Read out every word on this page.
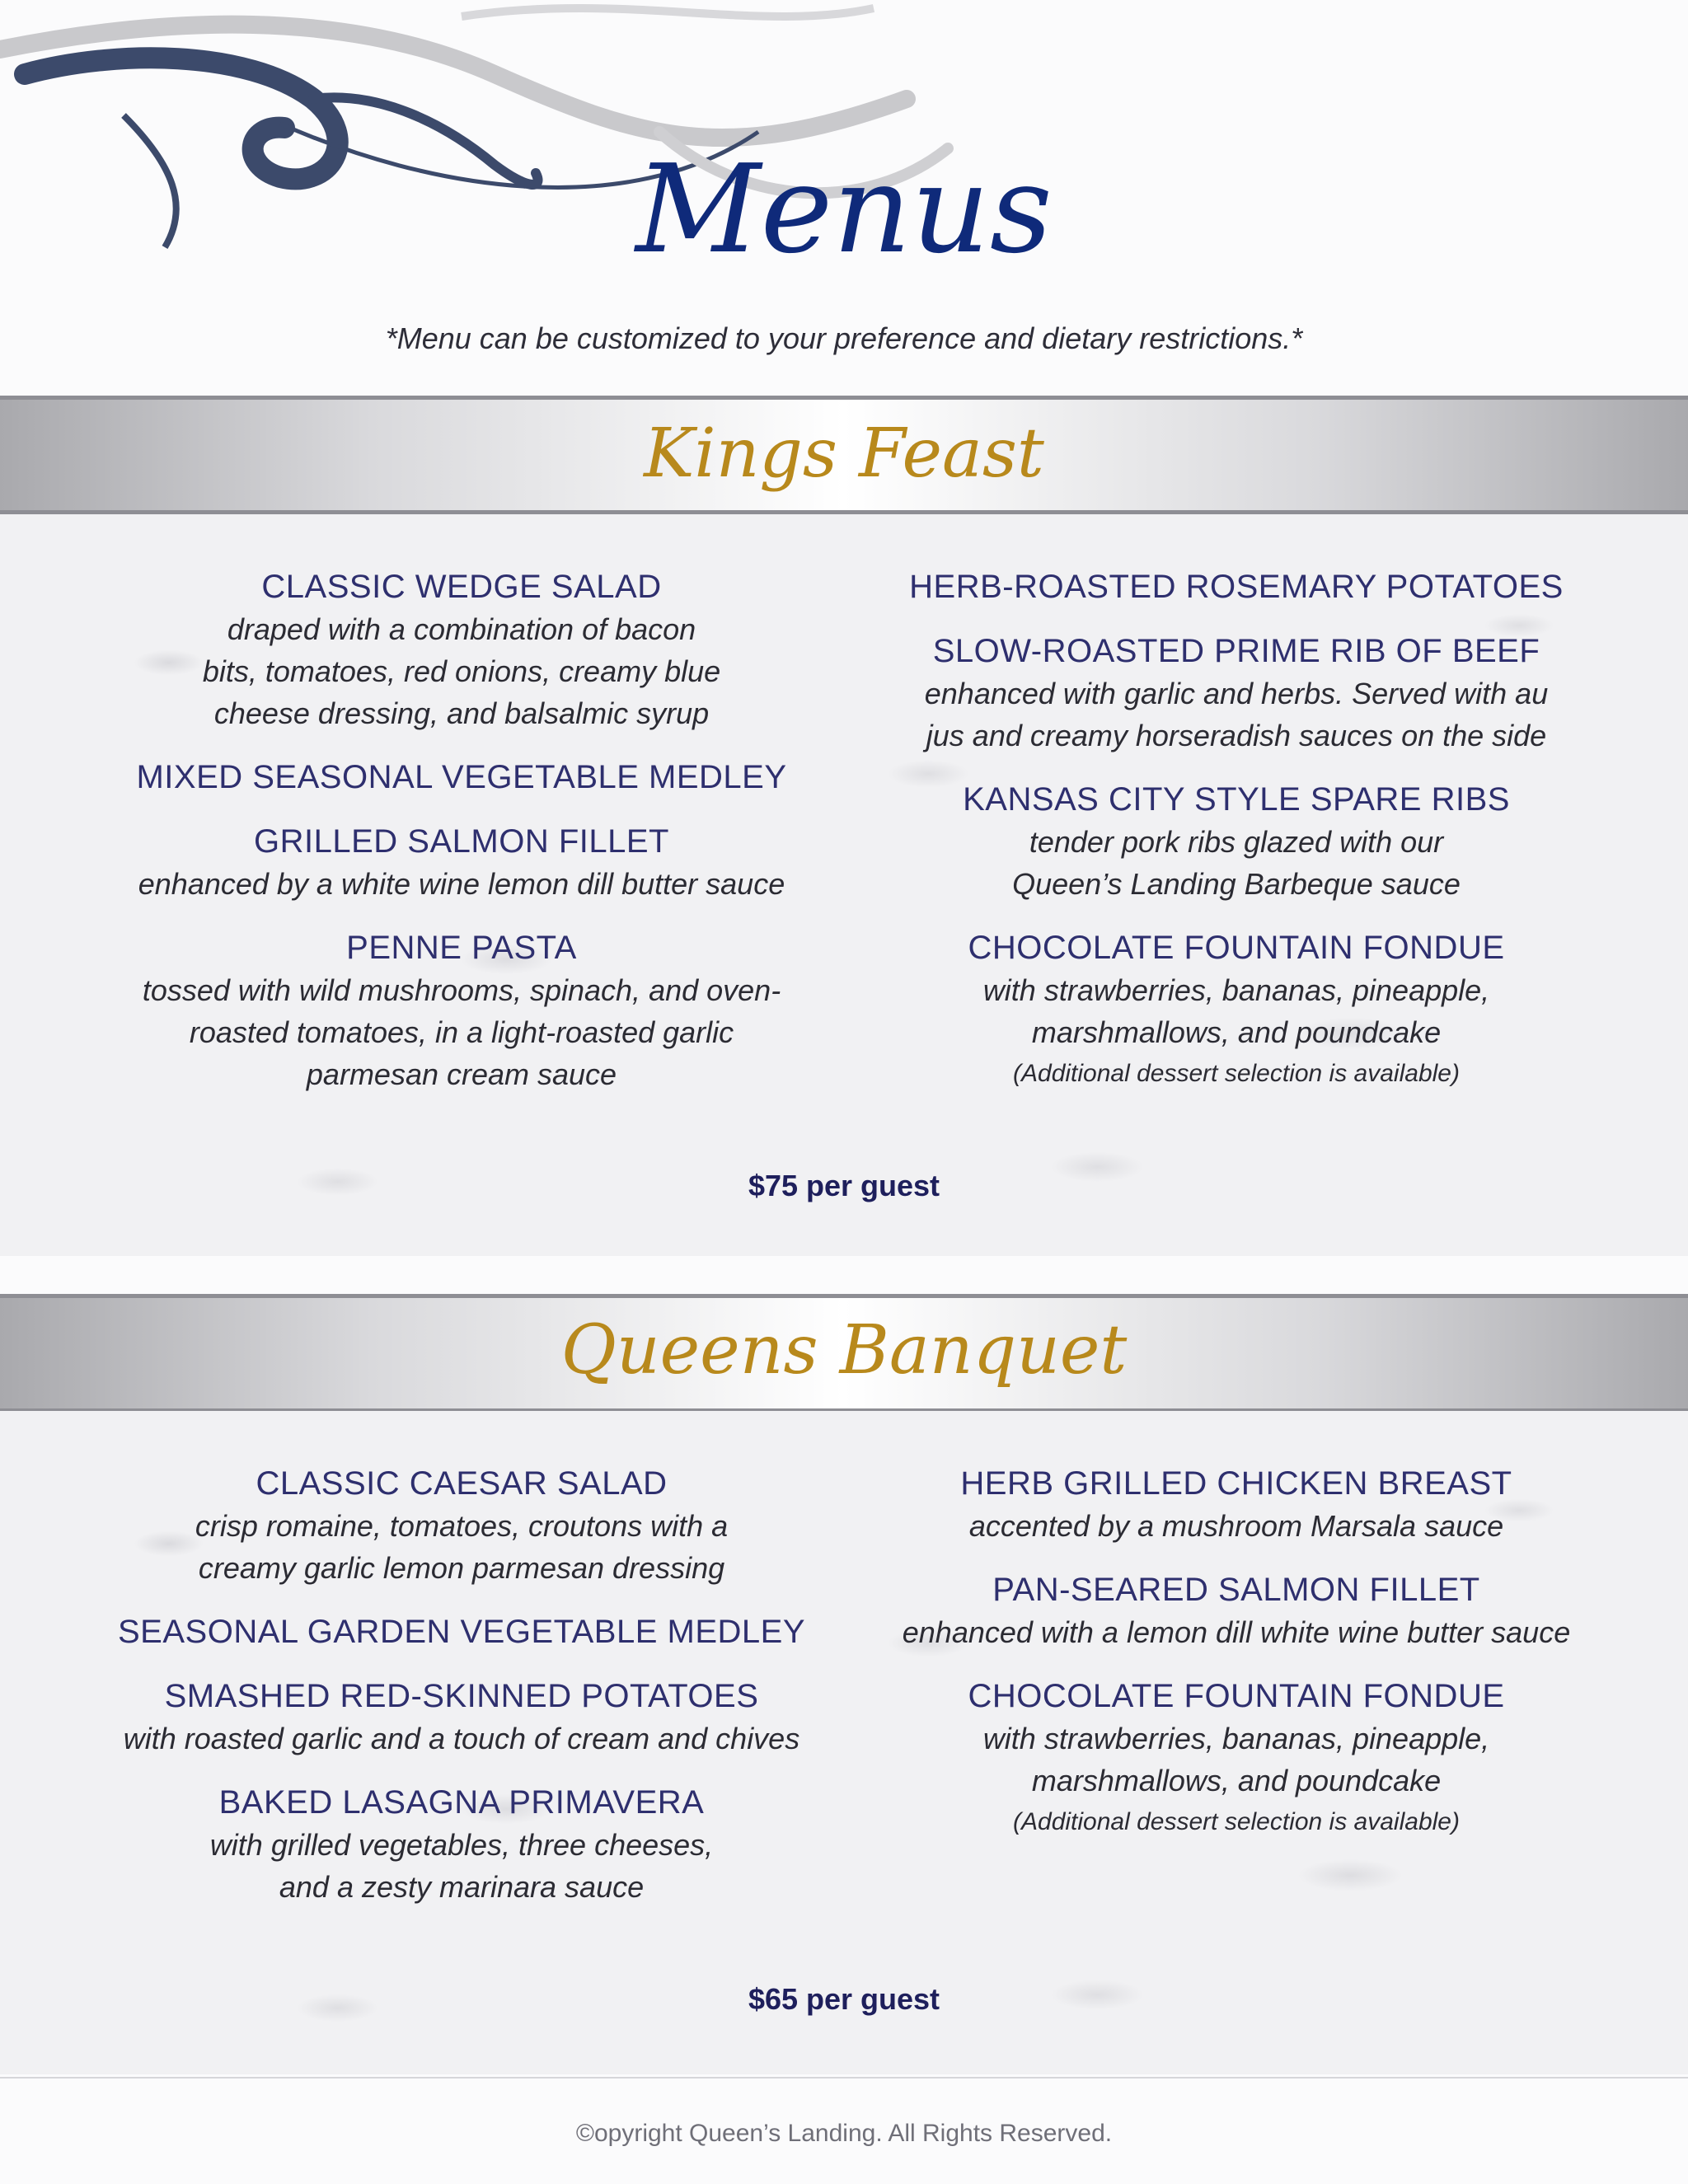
Menus
*Menu can be customized to your preference and dietary restrictions.*
Kings Feast
CLASSIC WEDGE SALAD
draped with a combination of bacon
bits, tomatoes, red onions, creamy blue
cheese dressing, and balsalmic syrup
MIXED SEASONAL VEGETABLE MEDLEY
GRILLED SALMON FILLET
enhanced by a white wine lemon dill butter sauce
PENNE PASTA
tossed with wild mushrooms, spinach, and oven-
roasted tomatoes, in a light-roasted garlic
parmesan cream sauce
HERB-ROASTED ROSEMARY POTATOES
SLOW-ROASTED PRIME RIB OF BEEF
enhanced with garlic and herbs. Served with au
jus and creamy horseradish sauces on the side
KANSAS CITY STYLE SPARE RIBS
tender pork ribs glazed with our
Queen’s Landing Barbeque sauce
CHOCOLATE FOUNTAIN FONDUE
with strawberries, bananas, pineapple,
marshmallows, and poundcake
(Additional dessert selection is available)
$75 per guest
Queens Banquet
CLASSIC CAESAR SALAD
crisp romaine, tomatoes, croutons with a
creamy garlic lemon parmesan dressing
SEASONAL GARDEN VEGETABLE MEDLEY
SMASHED RED-SKINNED POTATOES
with roasted garlic and a touch of cream and chives
BAKED LASAGNA PRIMAVERA
with grilled vegetables, three cheeses,
and a zesty marinara sauce
HERB GRILLED CHICKEN BREAST
accented by a mushroom Marsala sauce
PAN-SEARED SALMON FILLET
enhanced with a lemon dill white wine butter sauce
CHOCOLATE FOUNTAIN FONDUE
with strawberries, bananas, pineapple,
marshmallows, and poundcake
(Additional dessert selection is available)
$65 per guest
©opyright Queen’s Landing. All Rights Reserved.
